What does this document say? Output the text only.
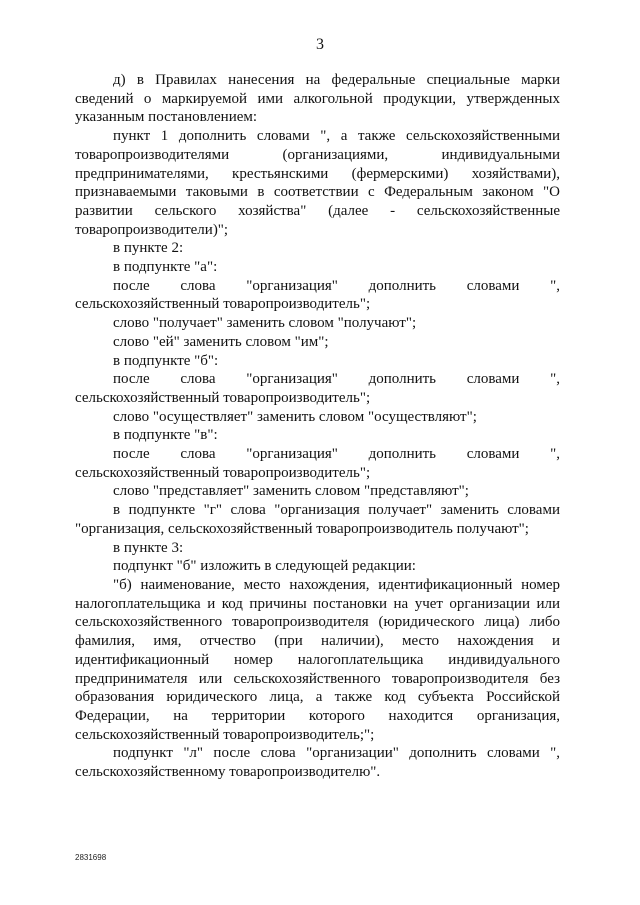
3

д) в Правилах нанесения на федеральные специальные марки сведений о маркируемой ими алкогольной продукции, утвержденных указанным постановлением:

пункт 1 дополнить словами ", а также сельскохозяйственными товаропроизводителями (организациями, индивидуальными предпринимателями, крестьянскими (фермерскими) хозяйствами), признаваемыми таковыми в соответствии с Федеральным законом "О развитии сельского хозяйства" (далее - сельскохозяйственные товаропроизводители)";

в пункте 2:

в подпункте "а":

после слова "организация" дополнить словами ", сельскохозяйственный товаропроизводитель";

слово "получает" заменить словом "получают";

слово "ей" заменить словом "им";

в подпункте "б":

после слова "организация" дополнить словами ", сельскохозяйственный товаропроизводитель";

слово "осуществляет" заменить словом "осуществляют";

в подпункте "в":

после слова "организация" дополнить словами ", сельскохозяйственный товаропроизводитель";

слово "представляет" заменить словом "представляют";

в подпункте "г" слова "организация получает" заменить словами "организация, сельскохозяйственный товаропроизводитель получают";

в пункте 3:

подпункт "б" изложить в следующей редакции:

"б) наименование, место нахождения, идентификационный номер налогоплательщика и код причины постановки на учет организации или сельскохозяйственного товаропроизводителя (юридического лица) либо фамилия, имя, отчество (при наличии), место нахождения и идентификационный номер налогоплательщика индивидуального предпринимателя или сельскохозяйственного товаропроизводителя без образования юридического лица, а также код субъекта Российской Федерации, на территории которого находится организация, сельскохозяйственный товаропроизводитель;";

подпункт "л" после слова "организации" дополнить словами ", сельскохозяйственному товаропроизводителю".

2831698
